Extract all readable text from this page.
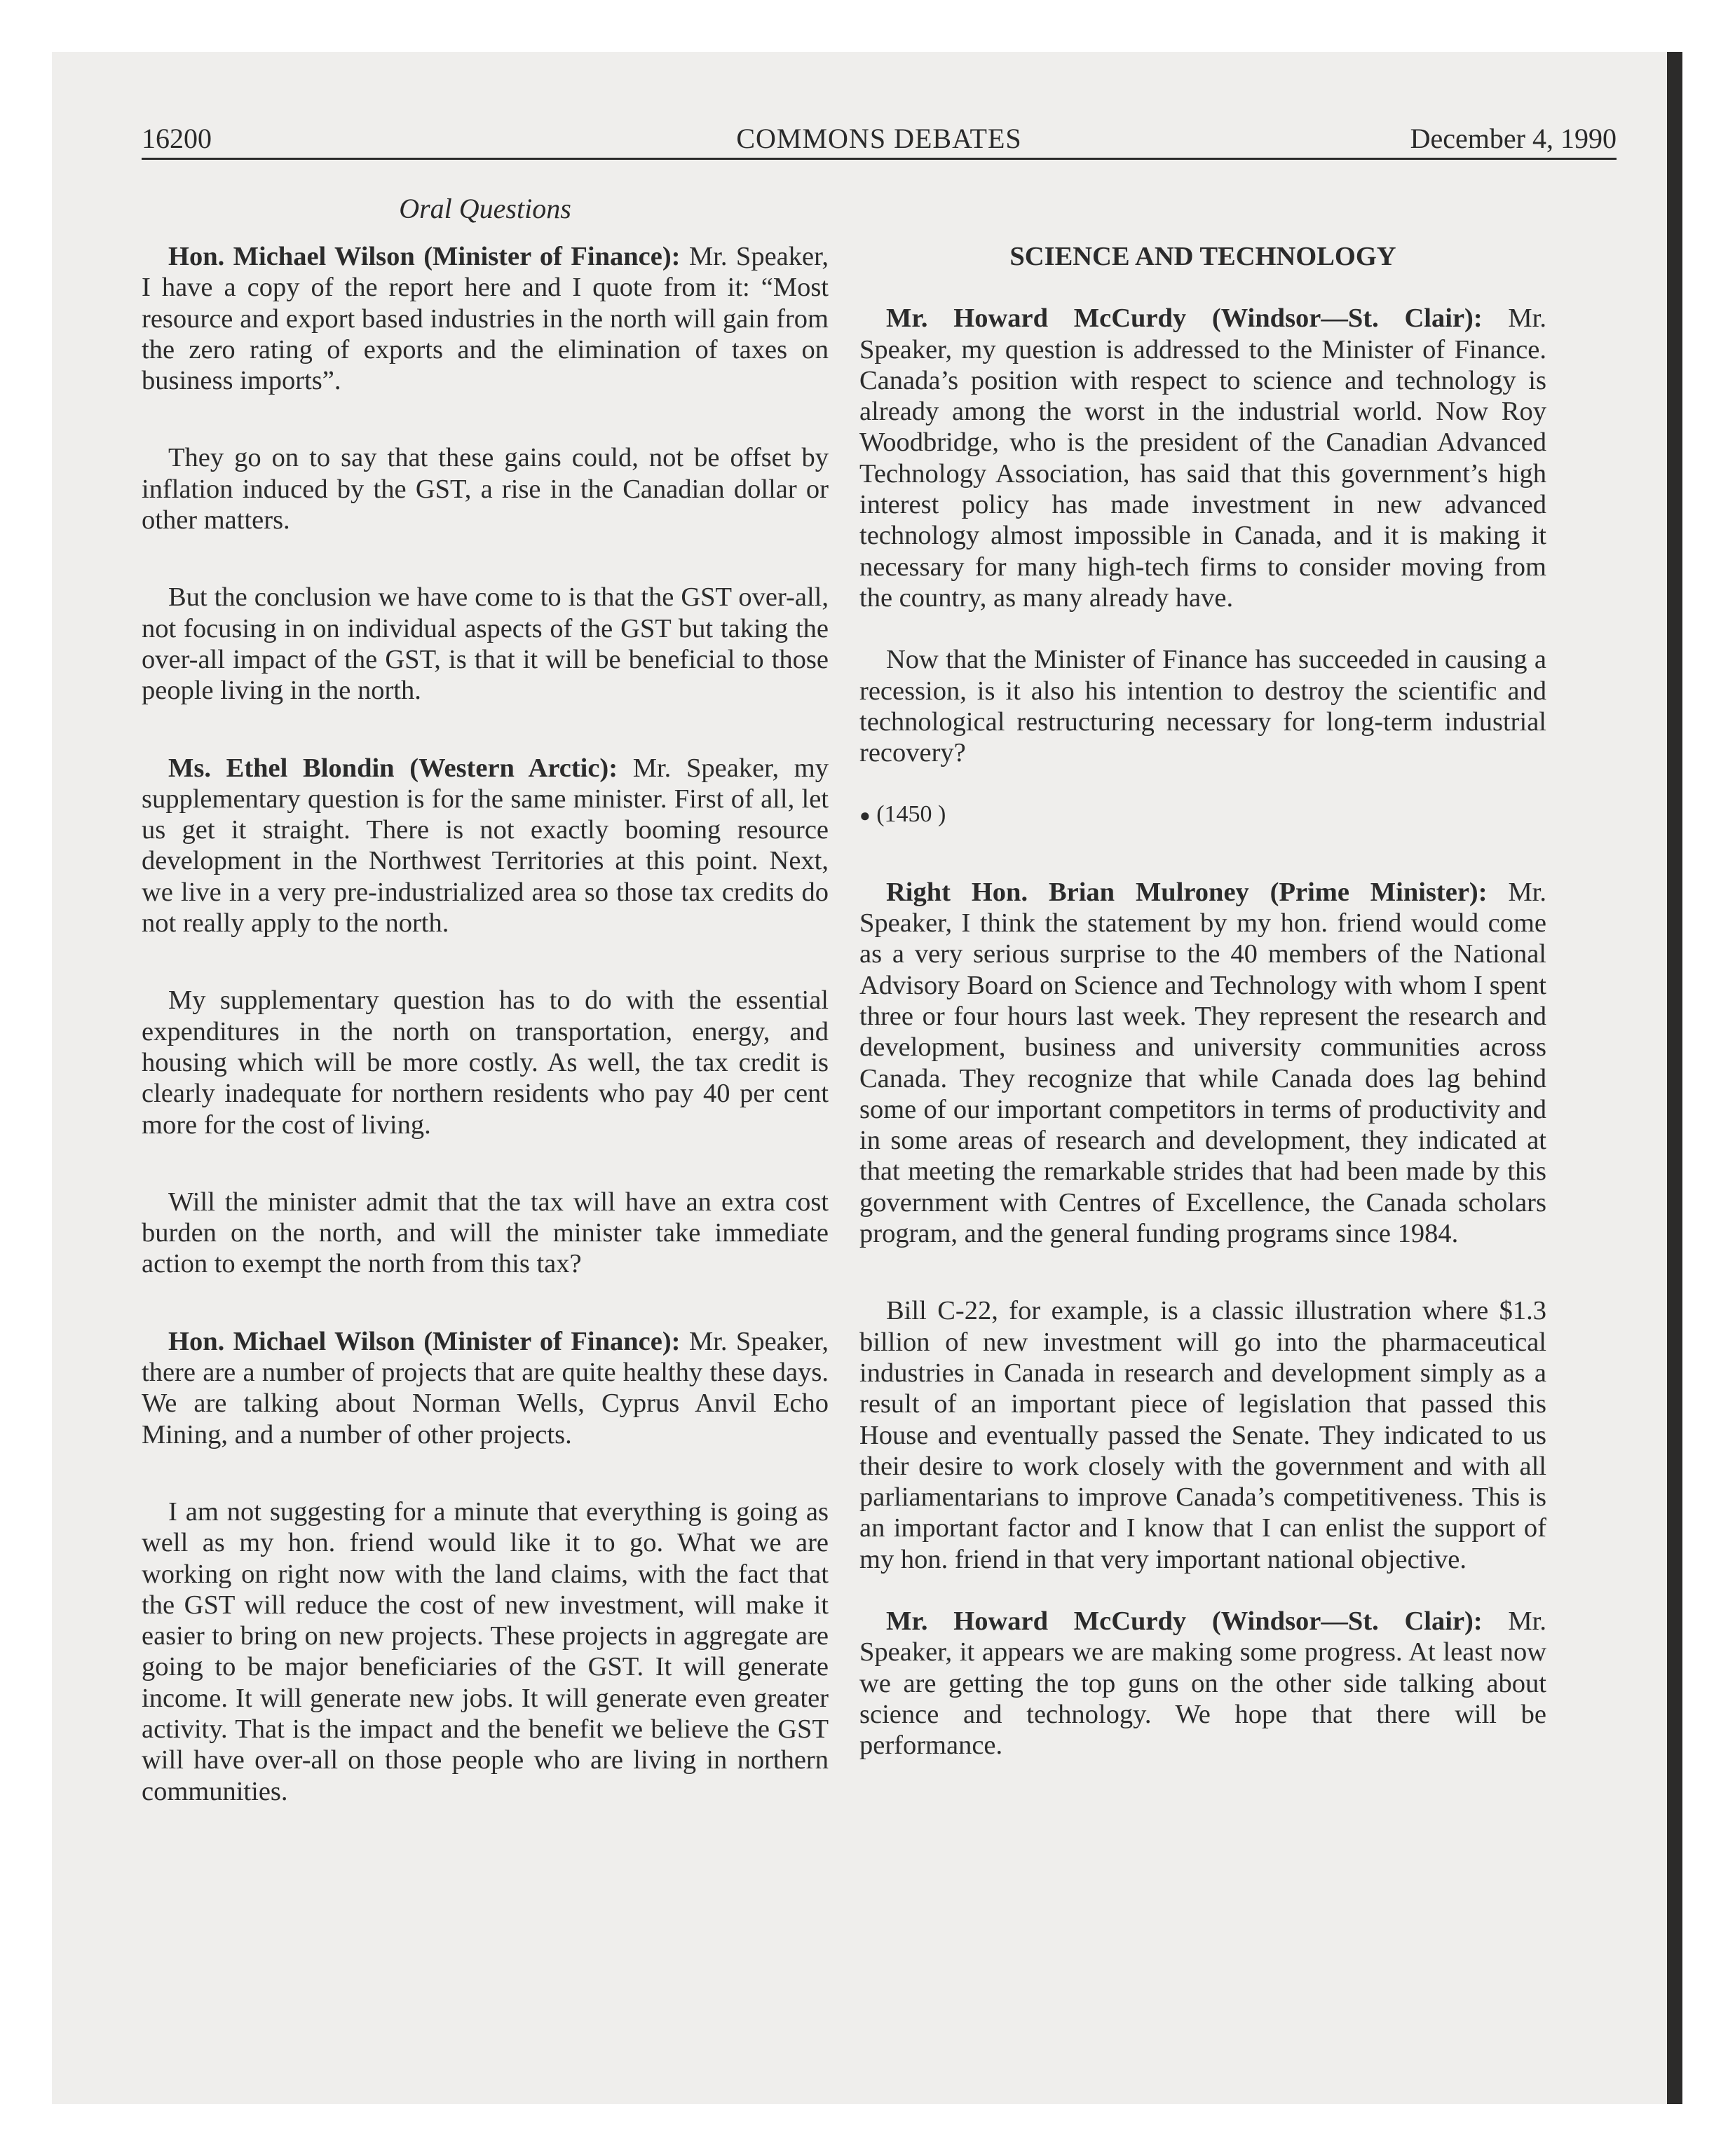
16200	COMMONS DEBATES	December 4, 1990
Oral Questions

Hon. Michael Wilson (Minister of Finance): Mr. Speaker, I have a copy of the report here and I quote from it: “Most resource and export based industries in the north will gain from the zero rating of exports and the elimination of taxes on business imports”.

They go on to say that these gains could, not be offset by inflation induced by the GST, a rise in the Canadian dollar or other matters.

But the conclusion we have come to is that the GST over-all, not focusing in on individual aspects of the GST but taking the over-all impact of the GST, is that it will be beneficial to those people living in the north.

Ms. Ethel Blondin (Western Arctic): Mr. Speaker, my supplementary question is for the same minister. First of all, let us get it straight. There is not exactly booming resource development in the Northwest Territories at this point. Next, we live in a very pre-industrialized area so those tax credits do not really apply to the north.

My supplementary question has to do with the essential expenditures in the north on transportation, energy, and housing which will be more costly. As well, the tax credit is clearly inadequate for northern residents who pay 40 per cent more for the cost of living.

Will the minister admit that the tax will have an extra cost burden on the north, and will the minister take immediate action to exempt the north from this tax?

Hon. Michael Wilson (Minister of Finance): Mr. Speaker, there are a number of projects that are quite healthy these days. We are talking about Norman Wells, Cyprus Anvil Echo Mining, and a number of other projects.

I am not suggesting for a minute that everything is going as well as my hon. friend would like it to go. What we are working on right now with the land claims, with the fact that the GST will reduce the cost of new investment, will make it easier to bring on new projects. These projects in aggregate are going to be major beneficiaries of the GST. It will generate income. It will generate new jobs. It will generate even greater activity. That is the impact and the benefit we believe the GST will have over-all on those people who are living in northern communities.

SCIENCE AND TECHNOLOGY

Mr. Howard McCurdy (Windsor—St. Clair): Mr. Speaker, my question is addressed to the Minister of Finance. Canada’s position with respect to science and technology is already among the worst in the industrial world. Now Roy Woodbridge, who is the president of the Canadian Advanced Technology Association, has said that this government’s high interest policy has made investment in new advanced technology almost impossible in Canada, and it is making it necessary for many high-tech firms to consider moving from the country, as many already have.

Now that the Minister of Finance has succeeded in causing a recession, is it also his intention to destroy the scientific and technological restructuring necessary for long-term industrial recovery?

● (1450 )

Right Hon. Brian Mulroney (Prime Minister): Mr. Speaker, I think the statement by my hon. friend would come as a very serious surprise to the 40 members of the National Advisory Board on Science and Technology with whom I spent three or four hours last week. They represent the research and development, business and university communities across Canada. They recognize that while Canada does lag behind some of our important competitors in terms of productivity and in some areas of research and development, they indicated at that meeting the remarkable strides that had been made by this government with Centres of Excellence, the Canada scholars program, and the general funding programs since 1984.

Bill C-22, for example, is a classic illustration where $1.3 billion of new investment will go into the pharmaceutical industries in Canada in research and development simply as a result of an important piece of legislation that passed this House and eventually passed the Senate. They indicated to us their desire to work closely with the government and with all parliamentarians to improve Canada’s competitiveness. This is an important factor and I know that I can enlist the support of my hon. friend in that very important national objective.

Mr. Howard McCurdy (Windsor—St. Clair): Mr. Speaker, it appears we are making some progress. At least now we are getting the top guns on the other side talking about science and technology. We hope that there will be performance.
